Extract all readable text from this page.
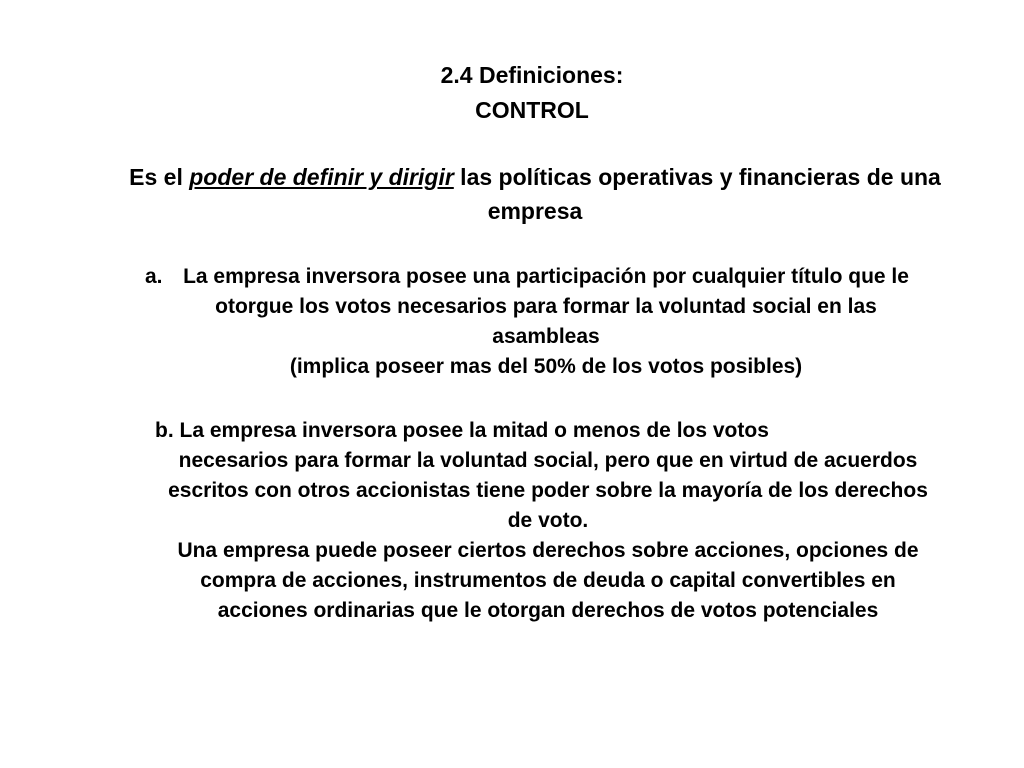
2.4 Definiciones:
CONTROL
Es el poder de definir y dirigir las políticas operativas y financieras de una empresa
a. La empresa inversora posee una participación por cualquier título que le otorgue los votos necesarios para formar la voluntad social en las asambleas
(implica poseer mas del 50% de los votos posibles)
b. La empresa inversora posee la mitad o menos de los votos
necesarios para formar la voluntad social, pero que en virtud de acuerdos escritos con otros accionistas tiene poder sobre la mayoría de los derechos de voto.
Una empresa puede poseer ciertos derechos sobre acciones, opciones de compra de acciones, instrumentos de deuda o capital convertibles en acciones ordinarias que le otorgan derechos de votos potenciales
